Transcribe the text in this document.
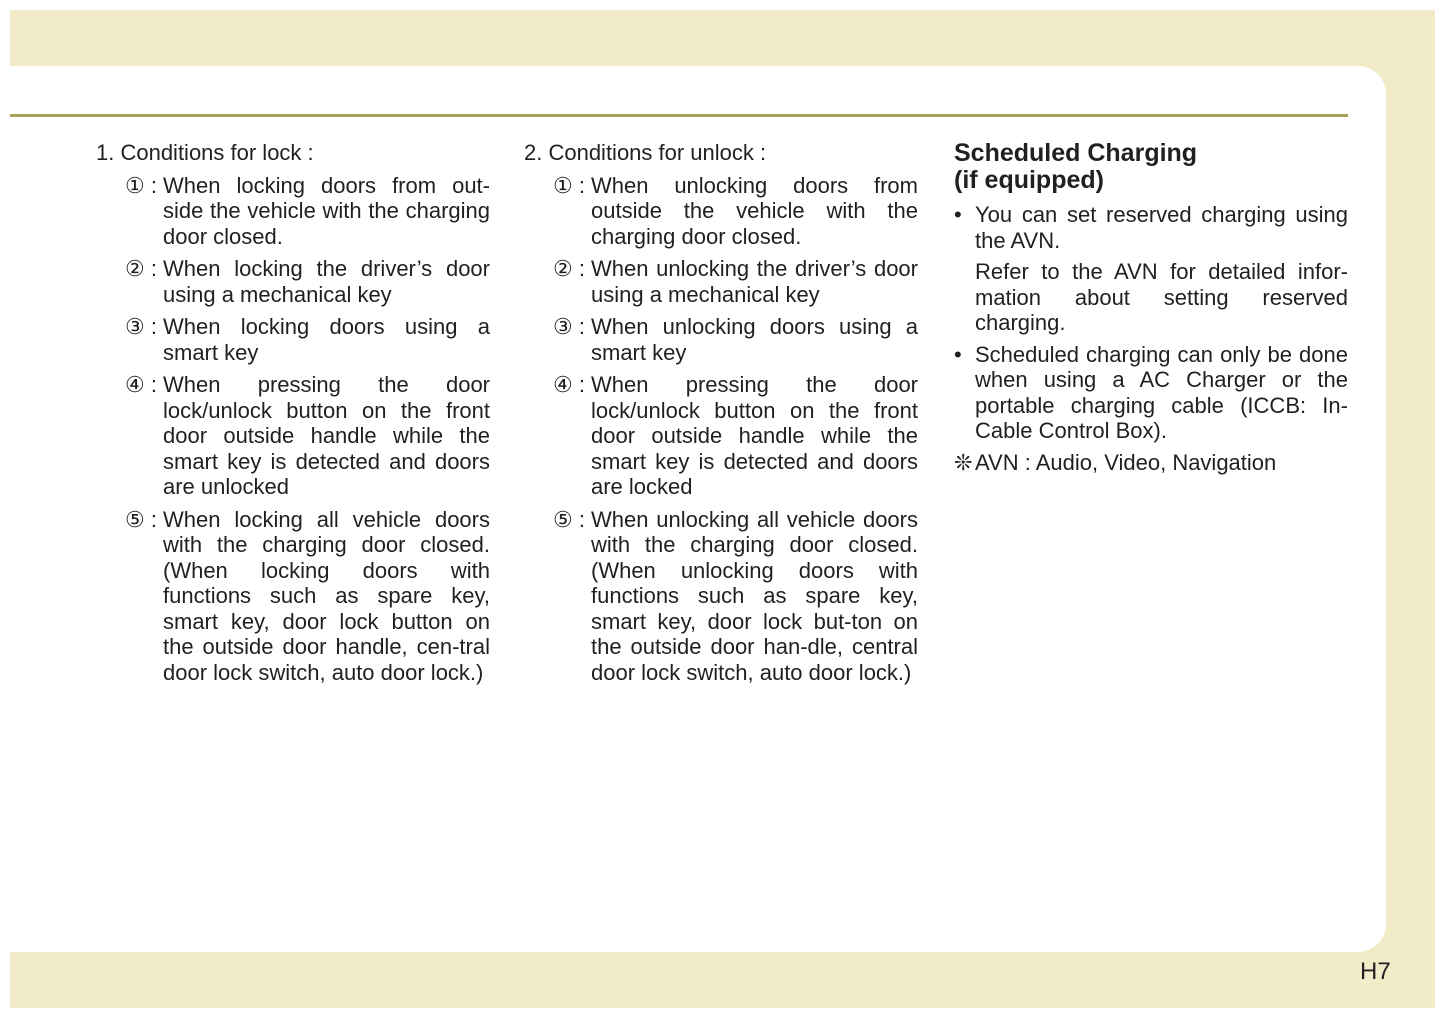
1. Conditions for lock :

① : When locking doors from out-side the vehicle with the charging door closed.
② : When locking the driver’s door using a mechanical key
③ : When locking doors using a smart key
④ : When pressing the door lock/unlock button on the front door outside handle while the smart key is detected and doors are unlocked
⑤ : When locking all vehicle doors with the charging door closed. (When locking doors with functions such as spare key, smart key, door lock button on the outside door handle, cen-tral door lock switch, auto door lock.)

2. Conditions for unlock :

① : When unlocking doors from outside the vehicle with the charging door closed.
② : When unlocking the driver’s door using a mechanical key
③ : When unlocking doors using a smart key
④ : When pressing the door lock/unlock button on the front door outside handle while the smart key is detected and doors are locked
⑤ : When unlocking all vehicle doors with the charging door closed. (When unlocking doors with functions such as spare key, smart key, door lock but-ton on the outside door han-dle, central door lock switch, auto door lock.)
Scheduled Charging
(if equipped)
• You can set reserved charging using the AVN.

Refer to the AVN for detailed infor-mation about setting reserved charging.

• Scheduled charging can only be done when using a AC Charger or the portable charging cable (ICCB: In-Cable Control Box).

❊ AVN : Audio, Video, Navigation
H7
